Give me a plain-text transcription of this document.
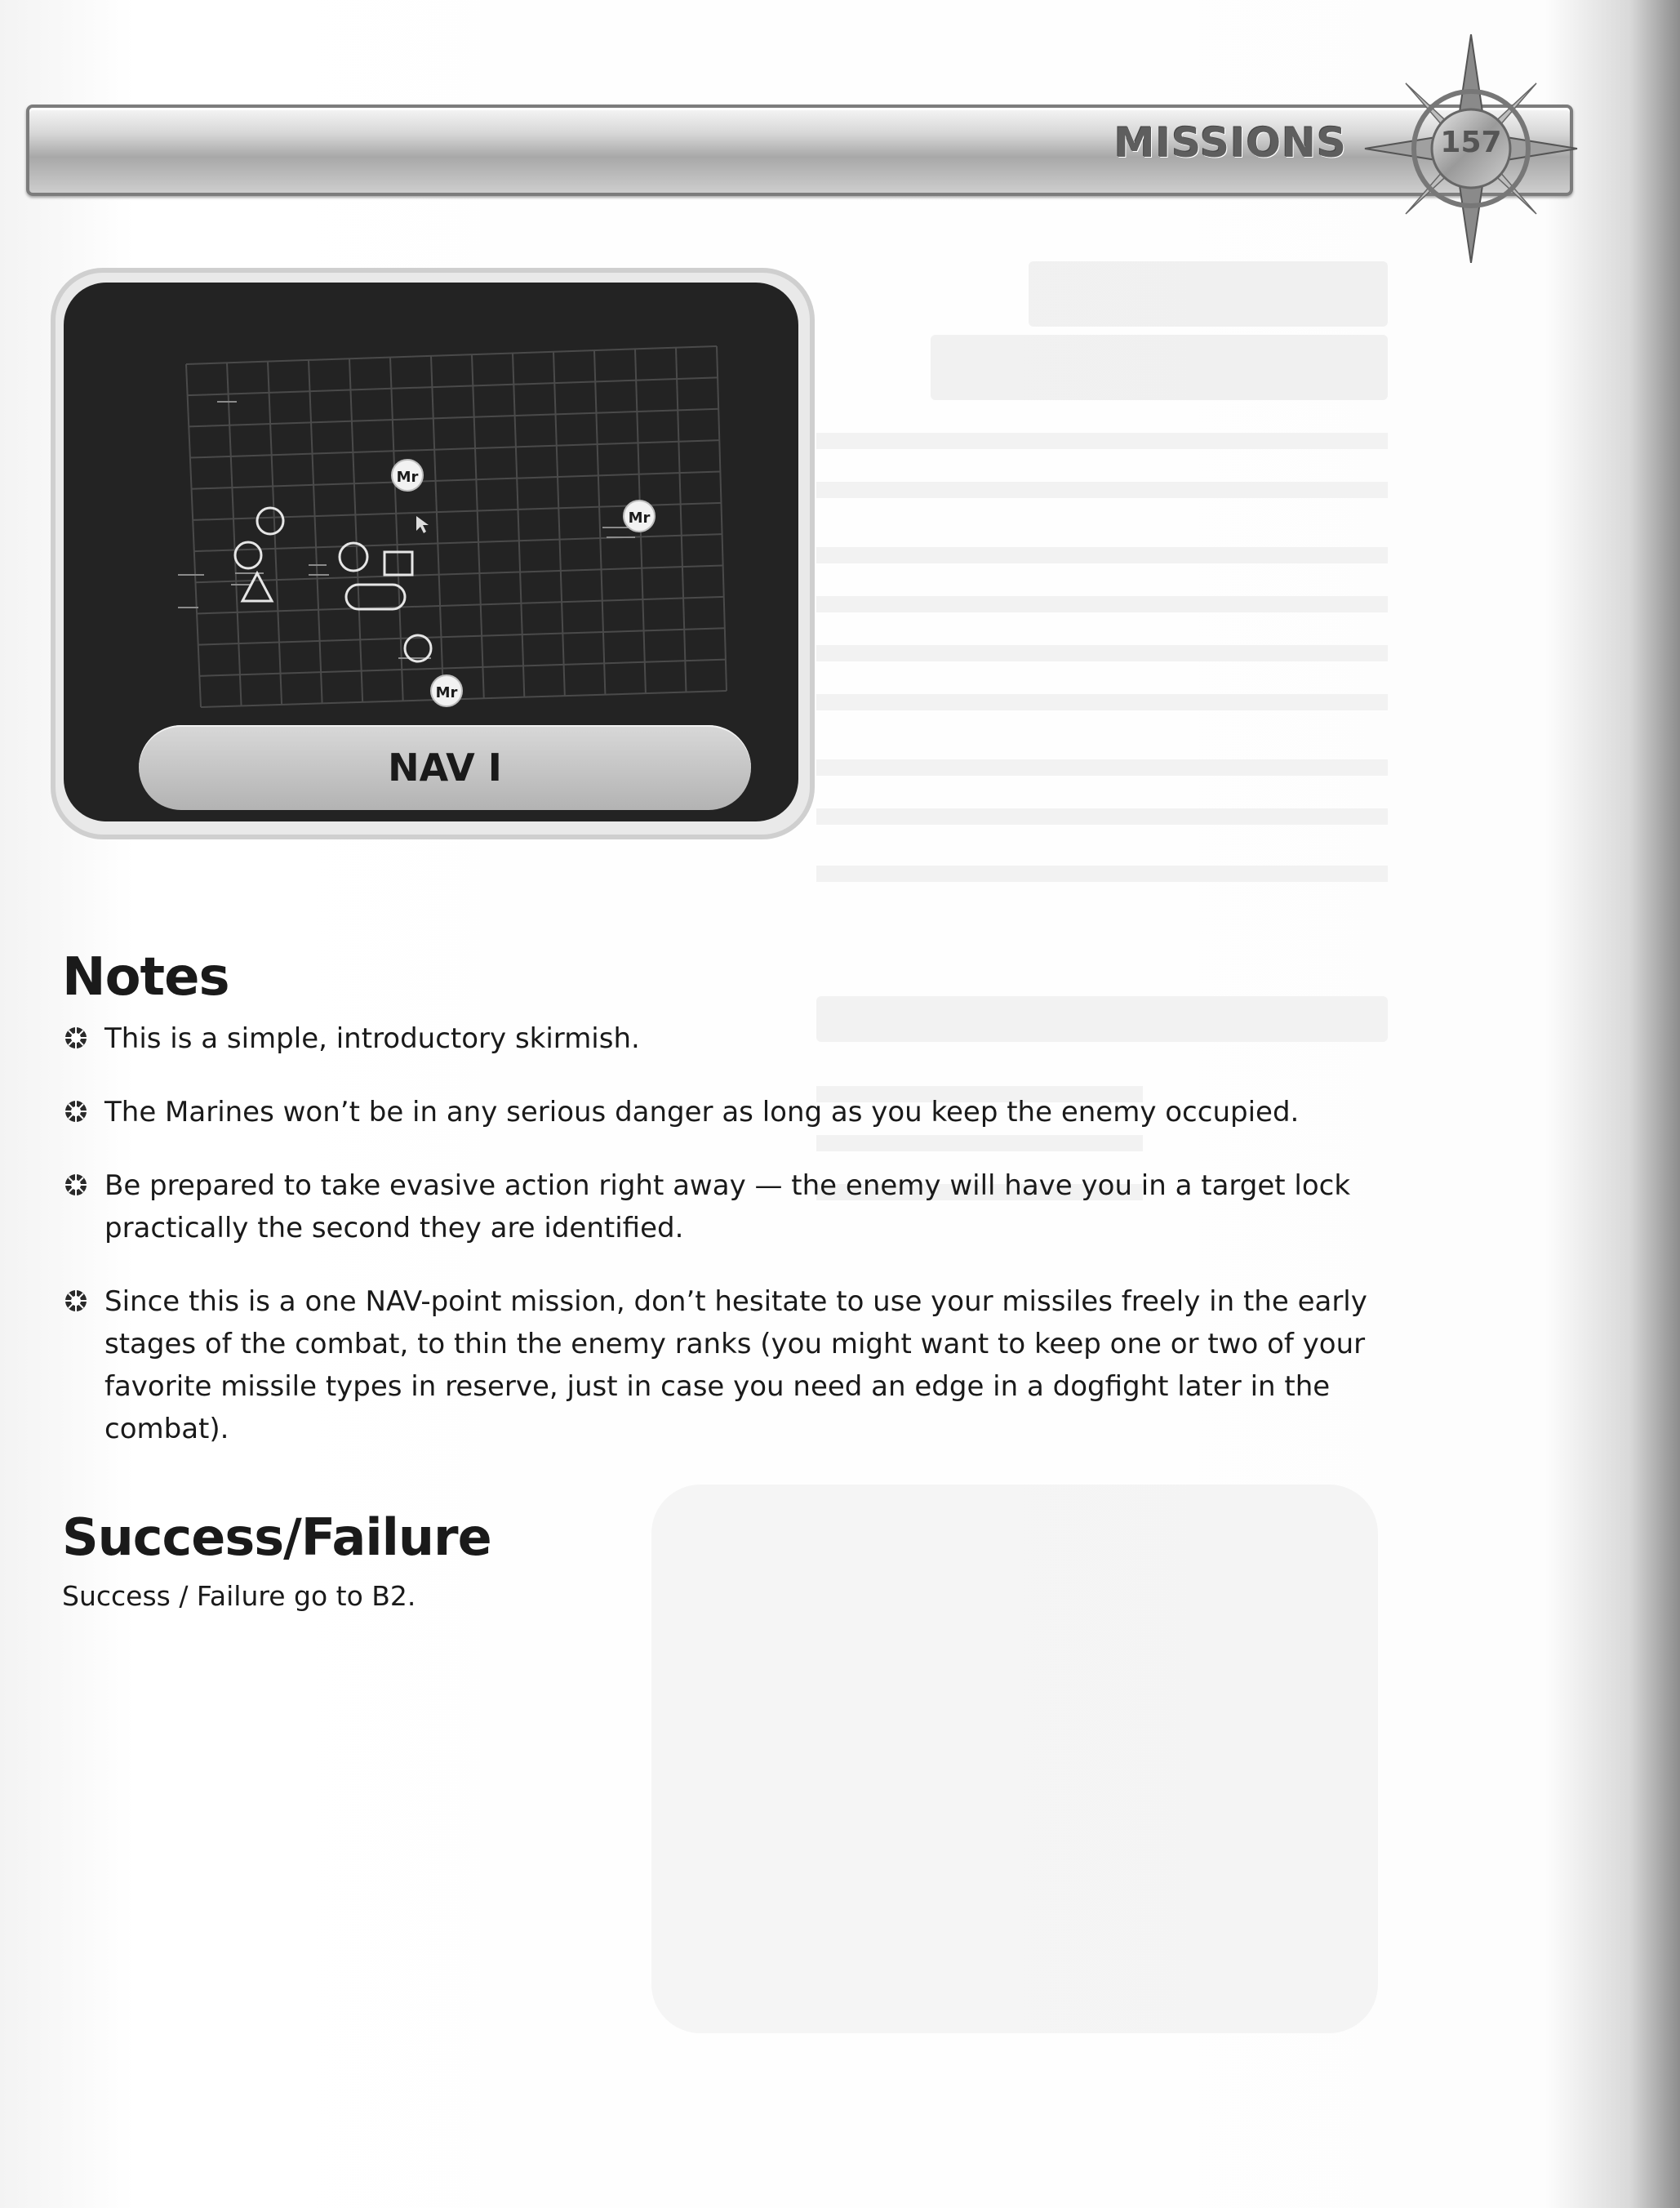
MISSIONS	157
Mr
Mr
Mr
NAV I
Notes
This is a simple, introductory skirmish.
The Marines won’t be in any serious danger as long as you keep the enemy occupied.
Be prepared to take evasive action right away — the enemy will have you in a target lock practically the second they are identified.
Since this is a one NAV-point mission, don’t hesitate to use your missiles freely in the early stages of the combat, to thin the enemy ranks (you might want to keep one or two of your favorite missile types in reserve, just in case you need an edge in a dogfight later in the combat).
Success/Failure
Success / Failure go to B2.
